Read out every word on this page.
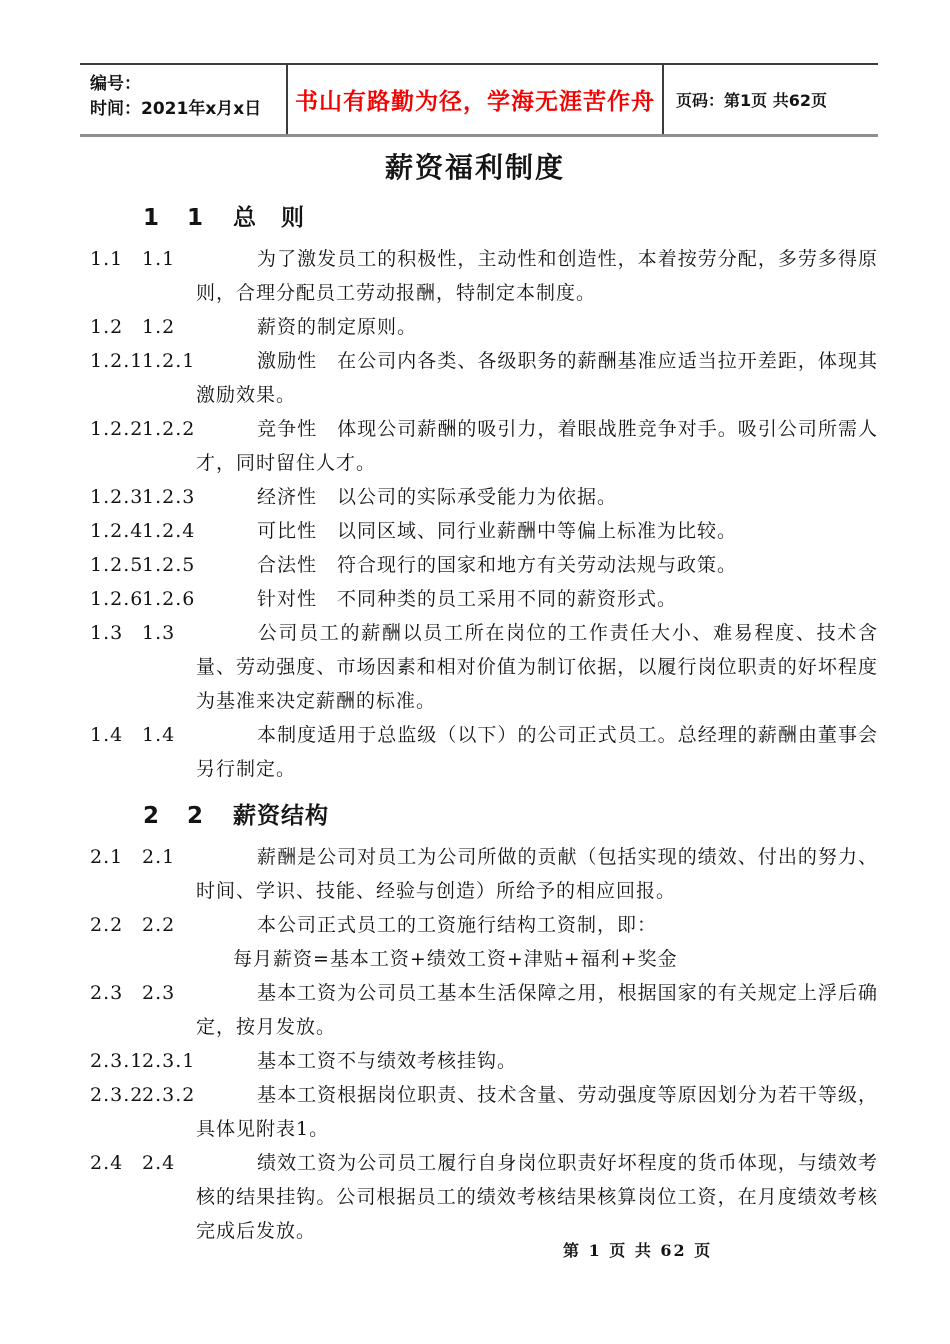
编号：
时间：2021年x月x日	书山有路勤为径，学海无涯苦作舟 页码：第1页 共62页
薪资福利制度
1 1 总　则

1.1 1.1	为了激发员工的积极性，主动性和创造性，本着按劳分配，多劳多得原则，合理分配员工劳动报酬，特制定本制度。

1.2 1.2	薪资的制定原则。

1.2.11.2.1	激励性　在公司内各类、各级职务的薪酬基准应适当拉开差距，体现其激励效果。

1.2.21.2.2	竞争性　体现公司薪酬的吸引力，着眼战胜竞争对手。吸引公司所需人才，同时留住人才。

1.2.31.2.3	经济性　以公司的实际承受能力为依据。

1.2.41.2.4	可比性　以同区域、同行业薪酬中等偏上标准为比较。

1.2.51.2.5	合法性　符合现行的国家和地方有关劳动法规与政策。

1.2.61.2.6	针对性　不同种类的员工采用不同的薪资形式。

1.3 1.3	公司员工的薪酬以员工所在岗位的工作责任大小、难易程度、技术含量、劳动强度、市场因素和相对价值为制订依据，以履行岗位职责的好坏程度为基准来决定薪酬的标准。

1.4 1.4	本制度适用于总监级（以下）的公司正式员工。总经理的薪酬由董事会另行制定。

2 2 薪资结构

2.1 2.1	薪酬是公司对员工为公司所做的贡献（包括实现的绩效、付出的努力、时间、学识、技能、经验与创造）所给予的相应回报。

2.2 2.2	本公司正式员工的工资施行结构工资制，即：

每月薪资=基本工资+绩效工资+津贴+福利+奖金

2.3 2.3	基本工资为公司员工基本生活保障之用，根据国家的有关规定上浮后确定，按月发放。

2.3.12.3.1	基本工资不与绩效考核挂钩。

2.3.22.3.2	基本工资根据岗位职责、技术含量、劳动强度等原因划分为若干等级，具体见附表1。

2.4 2.4	绩效工资为公司员工履行自身岗位职责好坏程度的货币体现，与绩效考核的结果挂钩。公司根据员工的绩效考核结果核算岗位工资，在月度绩效考核完成后发放。

第 1 页 共 62 页
